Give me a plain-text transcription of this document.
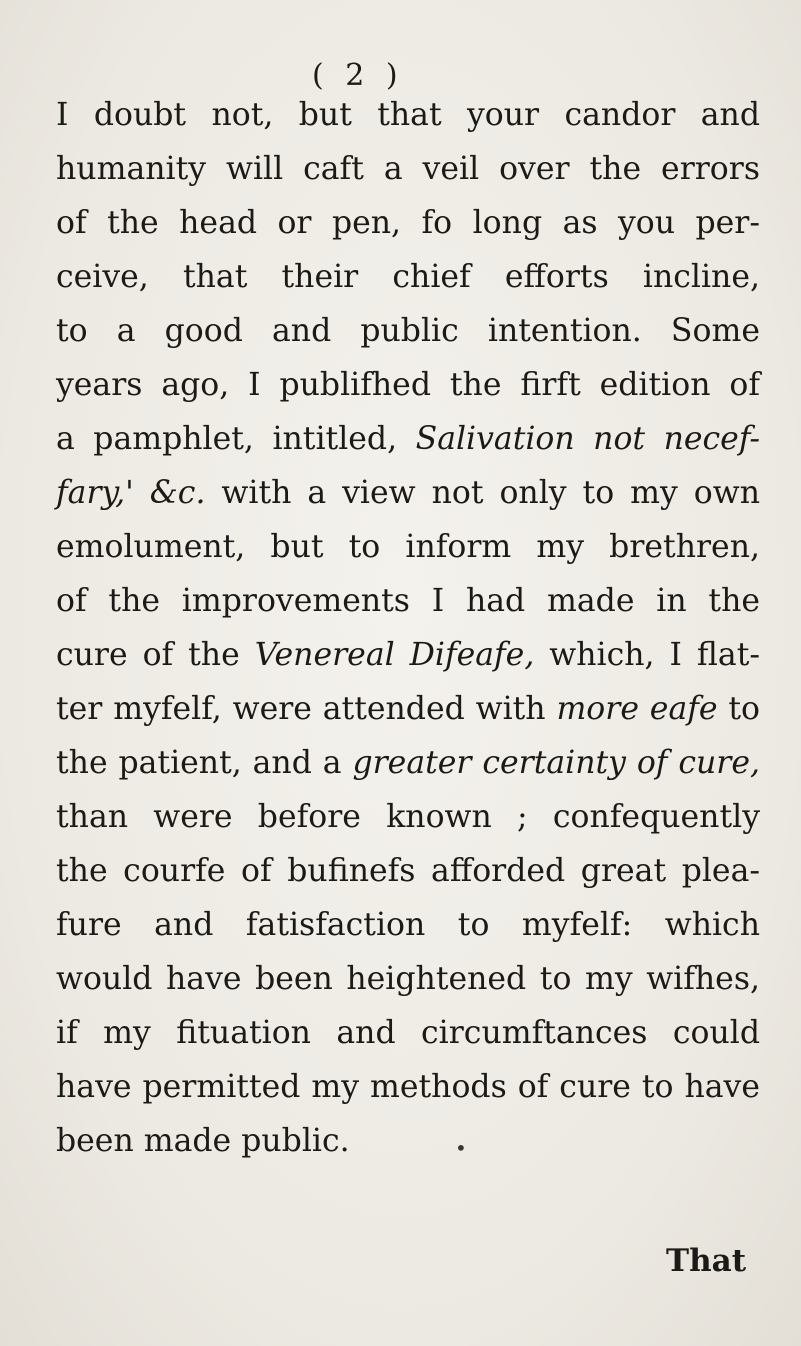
( 2 )
I doubt not, but that your candor and
humanity will caft a veil over the errors
of the head or pen, fo long as you per-
ceive, that their chief efforts incline,
to a good and public intention. Some
years ago, I publifhed the firft edition of
a pamphlet, intitled, Salivation not necef-
fary,' &c. with a view not only to my own
emolument, but to inform my brethren,
of the improvements I had made in the
cure of the Venereal Difeafe, which, I flat-
ter myfelf, were attended with more eafe to
the patient, and a greater certainty of cure,
than were before known ; confequently
the courfe of bufinefs afforded great plea-
fure and fatisfaction to myfelf: which
would have been heightened to my wifhes,
if my fituation and circumftances could
have permitted my methods of cure to have
been made public.	•
That
